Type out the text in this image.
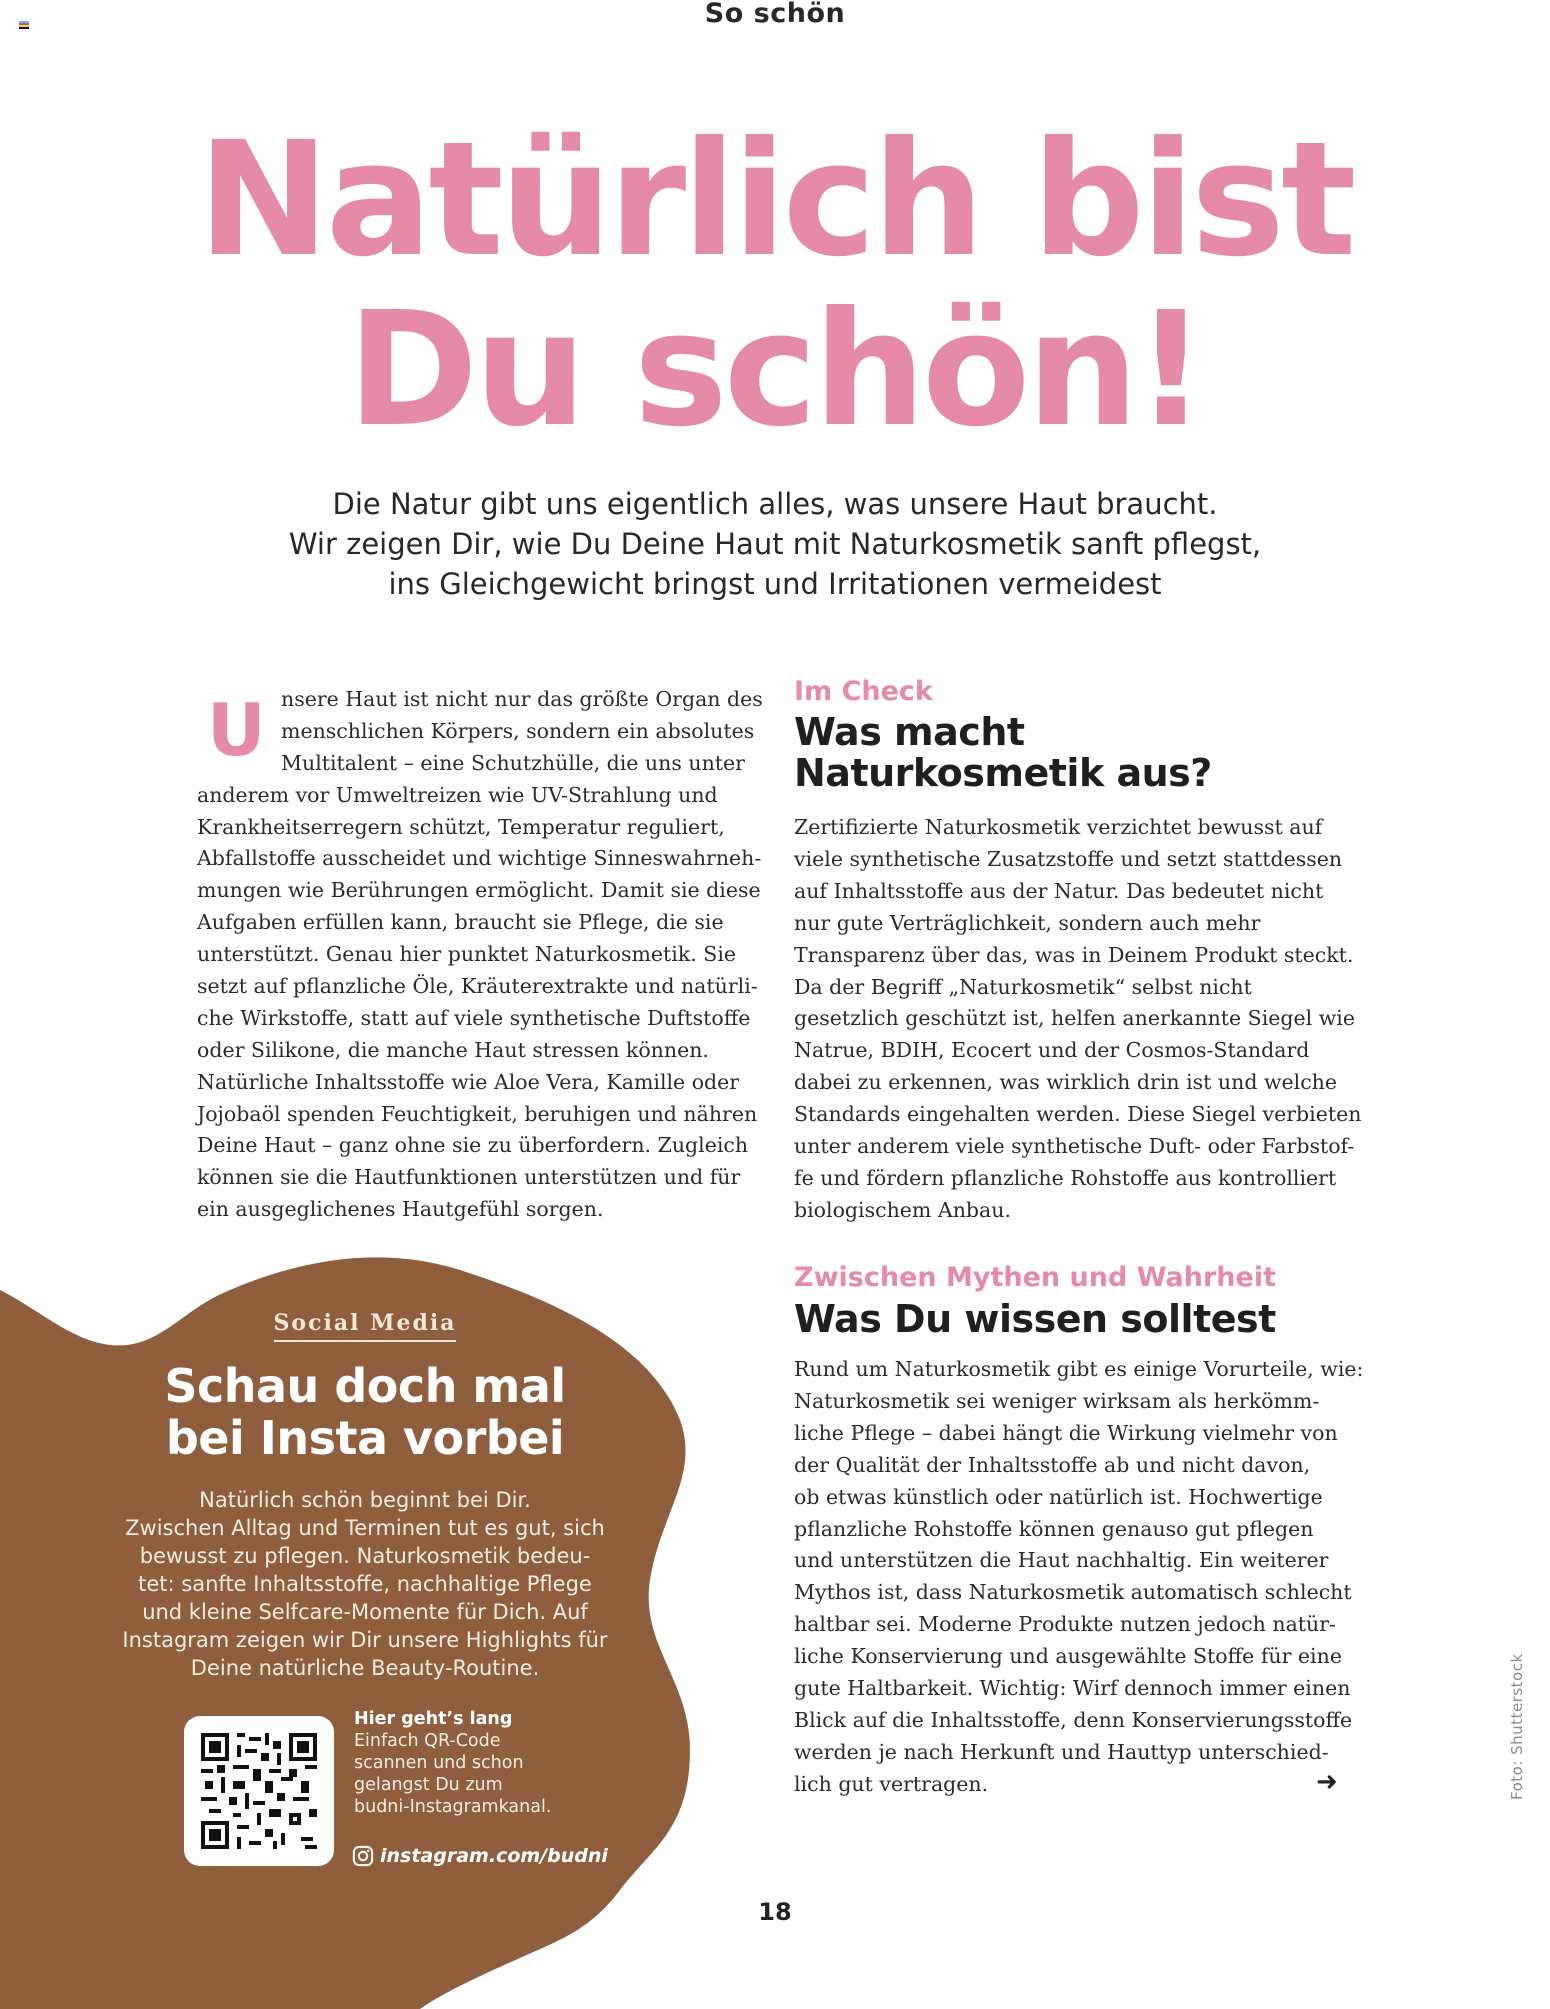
So schön
Natürlich bist
Du schön!
Die Natur gibt uns eigentlich alles, was unsere Haut braucht.
Wir zeigen Dir, wie Du Deine Haut mit Naturkosmetik sanft pflegst,
ins Gleichgewicht bringst und Irritationen vermeidest
U nsere Haut ist nicht nur das größte Organ des
menschlichen Körpers, sondern ein absolutes
Multitalent – eine Schutzhülle, die uns unter
anderem vor Umweltreizen wie UV-Strahlung und
Krankheitserregern schützt, Temperatur reguliert,
Abfallstoffe ausscheidet und wichtige Sinneswahrneh-
mungen wie Berührungen ermöglicht. Damit sie diese
Aufgaben erfüllen kann, braucht sie Pflege, die sie
unterstützt. Genau hier punktet Naturkosmetik. Sie
setzt auf pflanzliche Öle, Kräuterextrakte und natürli-
che Wirkstoffe, statt auf viele synthetische Duftstoffe
oder Silikone, die manche Haut stressen können.
Natürliche Inhaltsstoffe wie Aloe Vera, Kamille oder
Jojobaöl spenden Feuchtigkeit, beruhigen und nähren
Deine Haut – ganz ohne sie zu überfordern. Zugleich
können sie die Hautfunktionen unterstützen und für
ein ausgeglichenes Hautgefühl sorgen.
Im Check
Was macht
Naturkosmetik aus?
Zertifizierte Naturkosmetik verzichtet bewusst auf
viele synthetische Zusatzstoffe und setzt stattdessen
auf Inhaltsstoffe aus der Natur. Das bedeutet nicht
nur gute Verträglichkeit, sondern auch mehr
Transparenz über das, was in Deinem Produkt steckt.
Da der Begriff „Naturkosmetik“ selbst nicht
gesetzlich geschützt ist, helfen anerkannte Siegel wie
Natrue, BDIH, Ecocert und der Cosmos-Standard
dabei zu erkennen, was wirklich drin ist und welche
Standards eingehalten werden. Diese Siegel verbieten
unter anderem viele synthetische Duft- oder Farbstof-
fe und fördern pflanzliche Rohstoffe aus kontrolliert
biologischem Anbau.
Zwischen Mythen und Wahrheit
Was Du wissen solltest
Rund um Naturkosmetik gibt es einige Vorurteile, wie:
Naturkosmetik sei weniger wirksam als herkömm-
liche Pflege – dabei hängt die Wirkung vielmehr von
der Qualität der Inhaltsstoffe ab und nicht davon,
ob etwas künstlich oder natürlich ist. Hochwertige
pflanzliche Rohstoffe können genauso gut pflegen
und unterstützen die Haut nachhaltig. Ein weiterer
Mythos ist, dass Naturkosmetik automatisch schlecht
haltbar sei. Moderne Produkte nutzen jedoch natür-
liche Konservierung und ausgewählte Stoffe für eine
gute Haltbarkeit. Wichtig: Wirf dennoch immer einen
Blick auf die Inhaltsstoffe, denn Konservierungsstoffe
werden je nach Herkunft und Hauttyp unterschied-
lich gut vertragen.	➜
Social Media
Schau doch mal
bei Insta vorbei
Natürlich schön beginnt bei Dir.
Zwischen Alltag und Terminen tut es gut, sich
bewusst zu pflegen. Naturkosmetik bedeu-
tet: sanfte Inhaltsstoffe, nachhaltige Pflege
und kleine Selfcare-Momente für Dich. Auf
Instagram zeigen wir Dir unsere Highlights für
Deine natürliche Beauty-Routine.
Hier geht’s lang
Einfach QR-Code
scannen und schon
gelangst Du zum
budni-Instagramkanal.
instagram.com/budni
18
Foto: Shutterstock
